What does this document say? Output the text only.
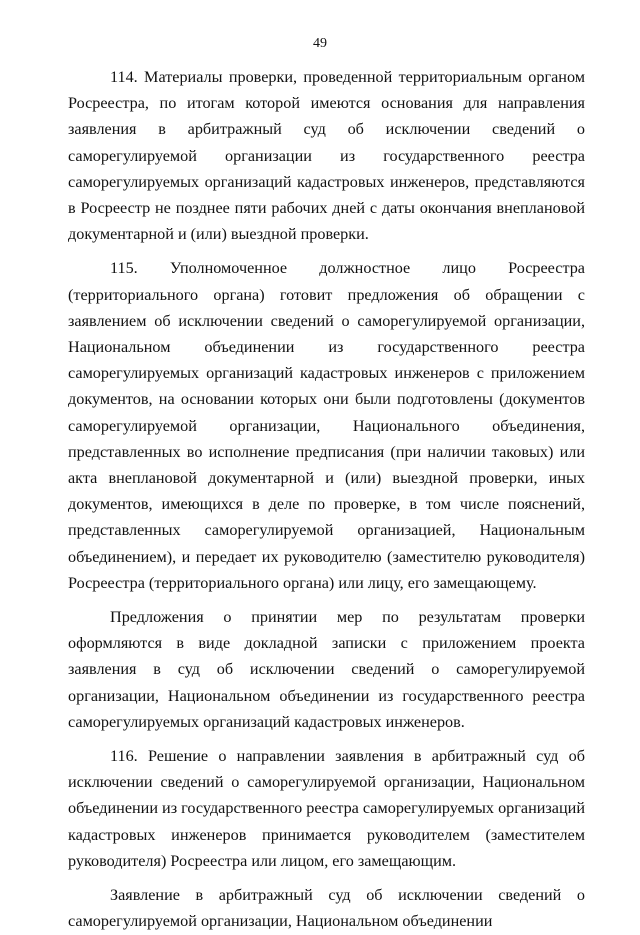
49

114. Материалы проверки, проведенной территориальным органом Росреестра, по итогам которой имеются основания для направления заявления в арбитражный суд об исключении сведений о саморегулируемой организации из государственного реестра саморегулируемых организаций кадастровых инженеров, представляются в Росреестр не позднее пяти рабочих дней с даты окончания внеплановой документарной и (или) выездной проверки.

115. Уполномоченное должностное лицо Росреестра (территориального органа) готовит предложения об обращении с заявлением об исключении сведений о саморегулируемой организации, Национальном объединении из государственного реестра саморегулируемых организаций кадастровых инженеров с приложением документов, на основании которых они были подготовлены (документов саморегулируемой организации, Национального объединения, представленных во исполнение предписания (при наличии таковых) или акта внеплановой документарной и (или) выездной проверки, иных документов, имеющихся в деле по проверке, в том числе пояснений, представленных саморегулируемой организацией, Национальным объединением), и передает их руководителю (заместителю руководителя) Росреестра (территориального органа) или лицу, его замещающему.

Предложения о принятии мер по результатам проверки оформляются в виде докладной записки с приложением проекта заявления в суд об исключении сведений о саморегулируемой организации, Национальном объединении из государственного реестра саморегулируемых организаций кадастровых инженеров.

116. Решение о направлении заявления в арбитражный суд об исключении сведений о саморегулируемой организации, Национальном объединении из государственного реестра саморегулируемых организаций кадастровых инженеров принимается руководителем (заместителем руководителя) Росреестра или лицом, его замещающим.

Заявление в арбитражный суд об исключении сведений о саморегулируемой организации, Национальном объединении
